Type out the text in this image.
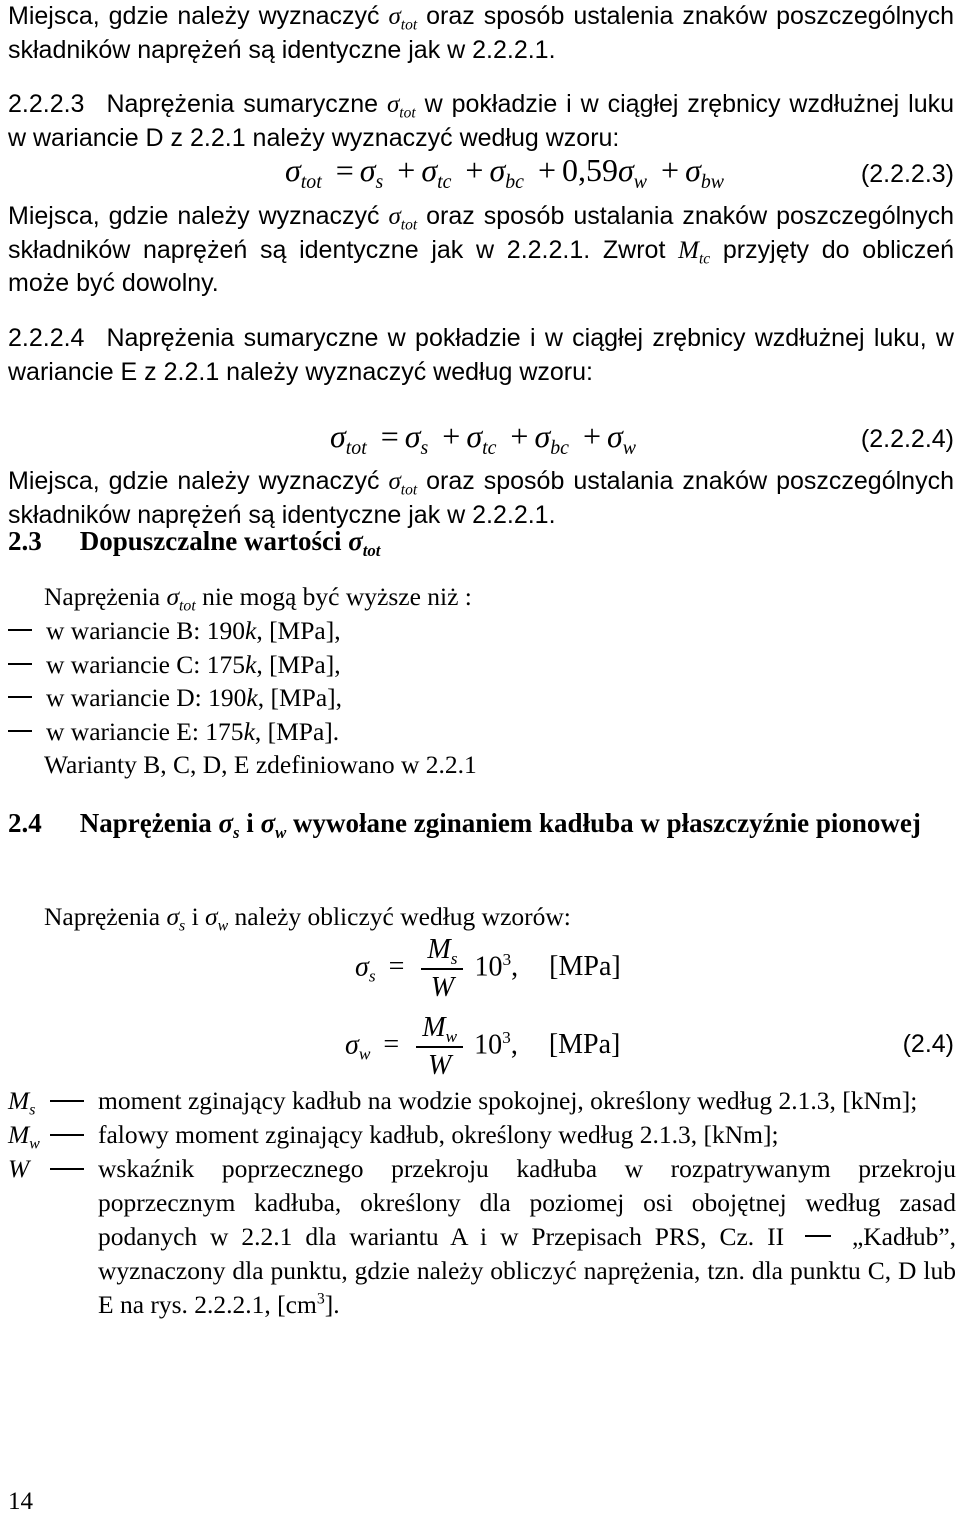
Miejsca, gdzie należy wyznaczyć $\sigma_{tot}$ oraz sposób ustalenia znaków poszczególnych składników naprężeń są identyczne jak w 2.2.2.1.
2.2.2.3 Naprężenia sumaryczne $\sigma_{tot}$ w pokładzie i w ciągłej zrębnicy wzdłużnej luku w wariancie D z 2.2.1 należy wyznaczyć według wzoru:
$\sigma_{tot} = \sigma_s + \sigma_{tc} + \sigma_{bc} + 0,59\sigma_w + \sigma_{bw}$	(2.2.2.3)
Miejsca, gdzie należy wyznaczyć $\sigma_{tot}$ oraz sposób ustalania znaków poszczególnych składników naprężeń są identyczne jak w 2.2.2.1. Zwrot $M_{tc}$ przyjęty do obliczeń może być dowolny.
2.2.2.4 Naprężenia sumaryczne w pokładzie i w ciągłej zrębnicy wzdłużnej luku, w wariancie E z 2.2.1 należy wyznaczyć według wzoru:
$\sigma_{tot} = \sigma_s + \sigma_{tc} + \sigma_{bc} + \sigma_w$	(2.2.2.4)
Miejsca, gdzie należy wyznaczyć $\sigma_{tot}$ oraz sposób ustalania znaków poszczególnych składników naprężeń są identyczne jak w 2.2.2.1.
2.3 Dopuszczalne wartości $\sigma_{tot}$
Naprężenia $\sigma_{tot}$ nie mogą być wyższe niż :
w wariancie B: 190k, [MPa],
w wariancie C: 175k, [MPa],
w wariancie D: 190k, [MPa],
w wariancie E: 175k, [MPa].
Warianty B, C, D, E zdefiniowano w 2.2.1
2.4 Naprężenia $\sigma_s$ i $\sigma_w$ wywołane zginaniem kadłuba w płaszczyźnie pionowej
Naprężenia $\sigma_s$ i $\sigma_w$ należy obliczyć według wzorów:
$\sigma_s = \frac{M_s}{W} 10^3$, [MPa]
$\sigma_w = \frac{M_w}{W} 10^3$, [MPa]	(2.4)
$M_s$ moment zginający kadłub na wodzie spokojnej, określony według 2.1.3, [kNm];
$M_w$ falowy moment zginający kadłub, określony według 2.1.3, [kNm];
W	wskaźnik poprzecznego przekroju kadłuba w rozpatrywanym przekroju poprzecznym kadłuba, określony dla poziomej osi obojętnej według zasad podanych w 2.2.1 dla wariantu A i w Przepisach PRS, Cz. II	„Kadłub”, wyznaczony dla punktu, gdzie należy obliczyć naprężenia, tzn. dla punktu C, D lub E na rys. 2.2.2.1, $[cm^3]$.
14
